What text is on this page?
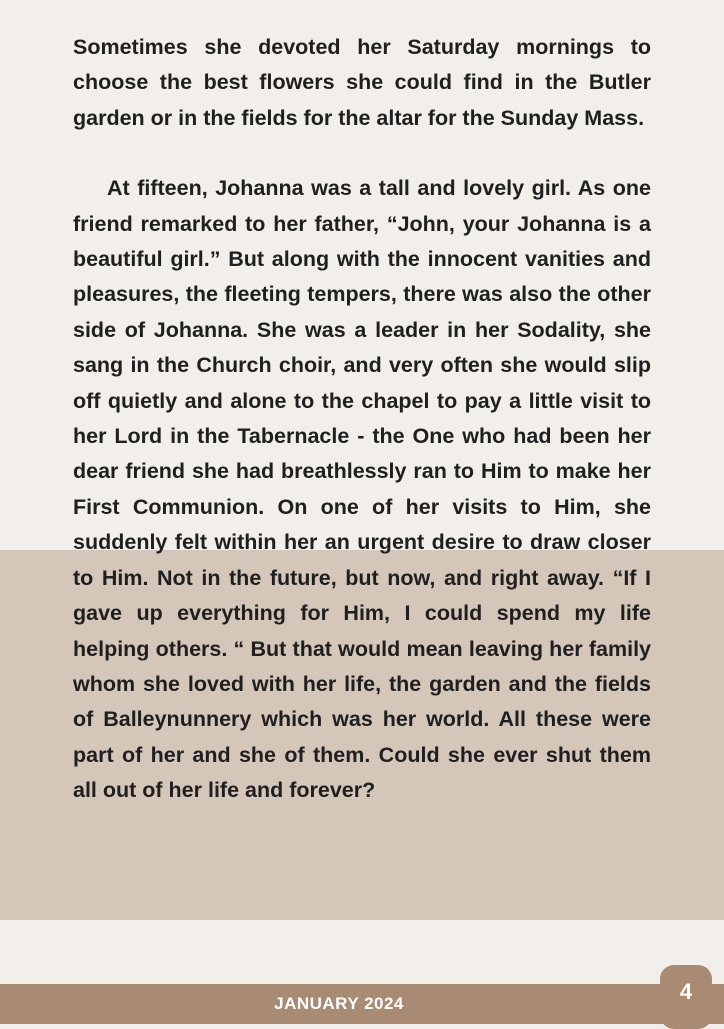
Sometimes she devoted her Saturday mornings to choose the best flowers she could find in the Butler garden or in the fields for the altar for the Sunday Mass.

At fifteen, Johanna was a tall and lovely girl. As one friend remarked to her father, “John, your Johanna is a beautiful girl.” But along with the innocent vanities and pleasures, the fleeting tempers, there was also the other side of Johanna. She was a leader in her Sodality, she sang in the Church choir, and very often she would slip off quietly and alone to the chapel to pay a little visit to her Lord in the Tabernacle - the One who had been her dear friend she had breathlessly ran to Him to make her First Communion. On one of her visits to Him, she suddenly felt within her an urgent desire to draw closer to Him. Not in the future, but now, and right away. “If I gave up everything for Him, I could spend my life helping others. “ But that would mean leaving her family whom she loved with her life, the garden and the fields of Balleynunnery which was her world. All these were part of her and she of them. Could she ever shut them all out of her life and forever?

JANUARY 2024	4
